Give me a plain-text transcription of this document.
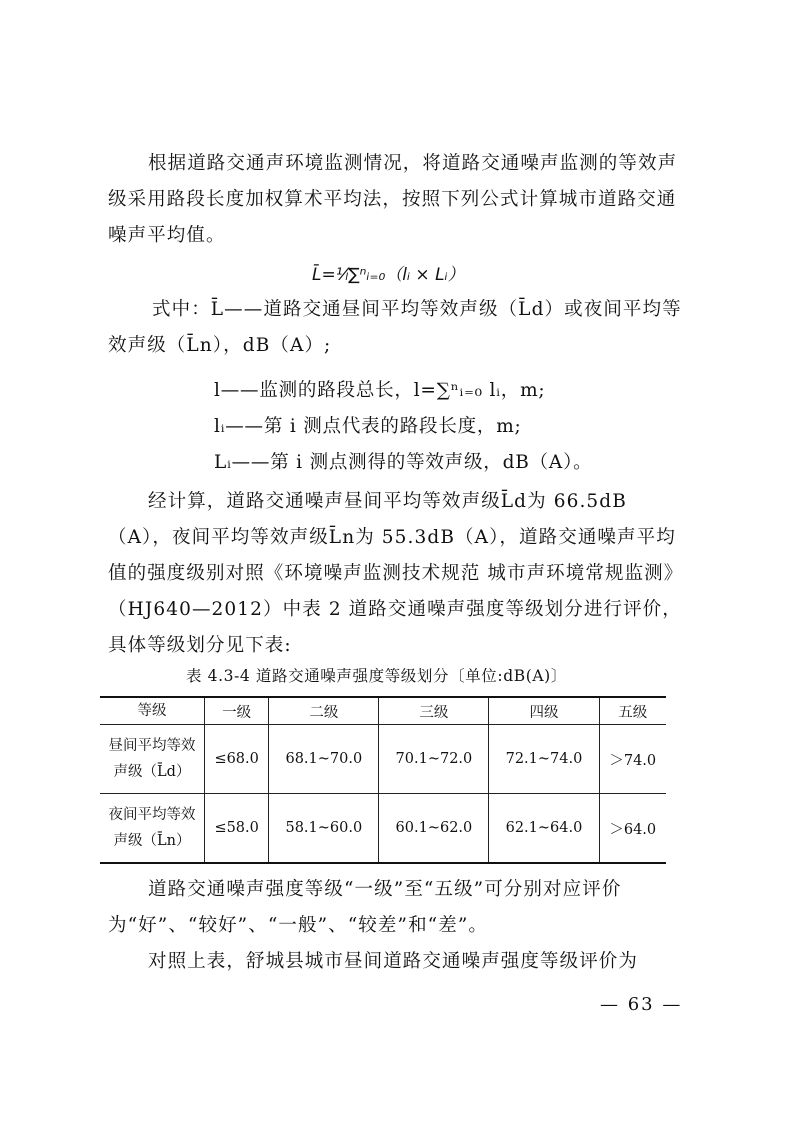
根据道路交通声环境监测情况，将道路交通噪声监测的等效声级采用路段长度加权算术平均法，按照下列公式计算城市道路交通噪声平均值。

L̄=¹⁄ₗ∑ⁿᵢ₌₀（lᵢ × Lᵢ）
式中：L̄——道路交通昼间平均等效声级（L̄d）或夜间平均等效声级（L̄n），dB（A）;
l——监测的路段总长，l=∑ⁿᵢ₌₀ lᵢ，m;
lᵢ——第 i 测点代表的路段长度，m;
Lᵢ——第 i 测点测得的等效声级，dB（A）。

经计算，道路交通噪声昼间平均等效声级L̄d为 66.5dB（A），夜间平均等效声级L̄n为 55.3dB（A），道路交通噪声平均值的强度级别对照《环境噪声监测技术规范 城市声环境常规监测》（HJ640—2012）中表 2 道路交通噪声强度等级划分进行评价，具体等级划分见下表:

表 4.3-4 道路交通噪声强度等级划分〔单位:dB(A)〕
等级	一级	二级	三级	四级	五级
昼间平均等效
声级（L̄d）	≤68.0	68.1~70.0	70.1~72.0	72.1~74.0	＞74.0
夜间平均等效
声级（L̄n）	≤58.0	58.1~60.0	60.1~62.0	62.1~64.0	＞64.0

道路交通噪声强度等级“一级”至“五级”可分别对应评价为“好”、“较好”、“一般”、“较差”和“差”。

对照上表，舒城县城市昼间道路交通噪声强度等级评价为

— 63 —
